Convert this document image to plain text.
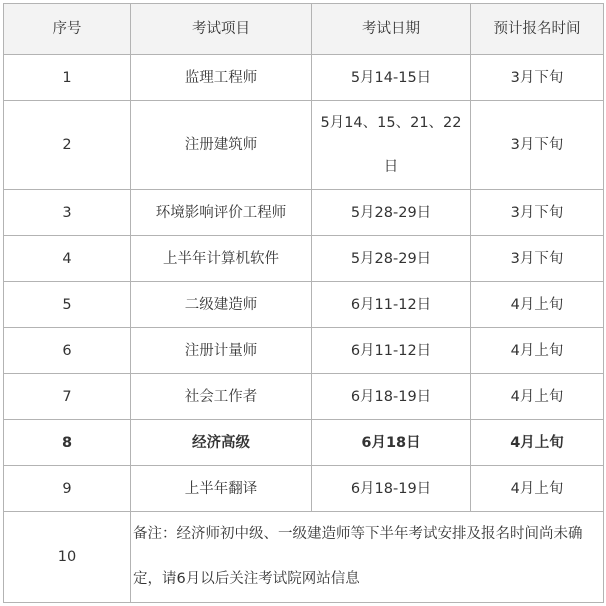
序号	考试项目	考试日期	预计报名时间
1	监理工程师	5月14-15日	3月下旬
2	注册建筑师	5月14、15、21、22日	3月下旬
3	环境影响评价工程师	5月28-29日	3月下旬
4	上半年计算机软件	5月28-29日	3月下旬
5	二级建造师	6月11-12日	4月上旬
6	注册计量师	6月11-12日	4月上旬
7	社会工作者	6月18-19日	4月上旬
8	经济高级	6月18日	4月上旬
9	上半年翻译	6月18-19日	4月上旬
10	备注：经济师初中级、一级建造师等下半年考试安排及报名时间尚未确定，请6月以后关注考试院网站信息		
